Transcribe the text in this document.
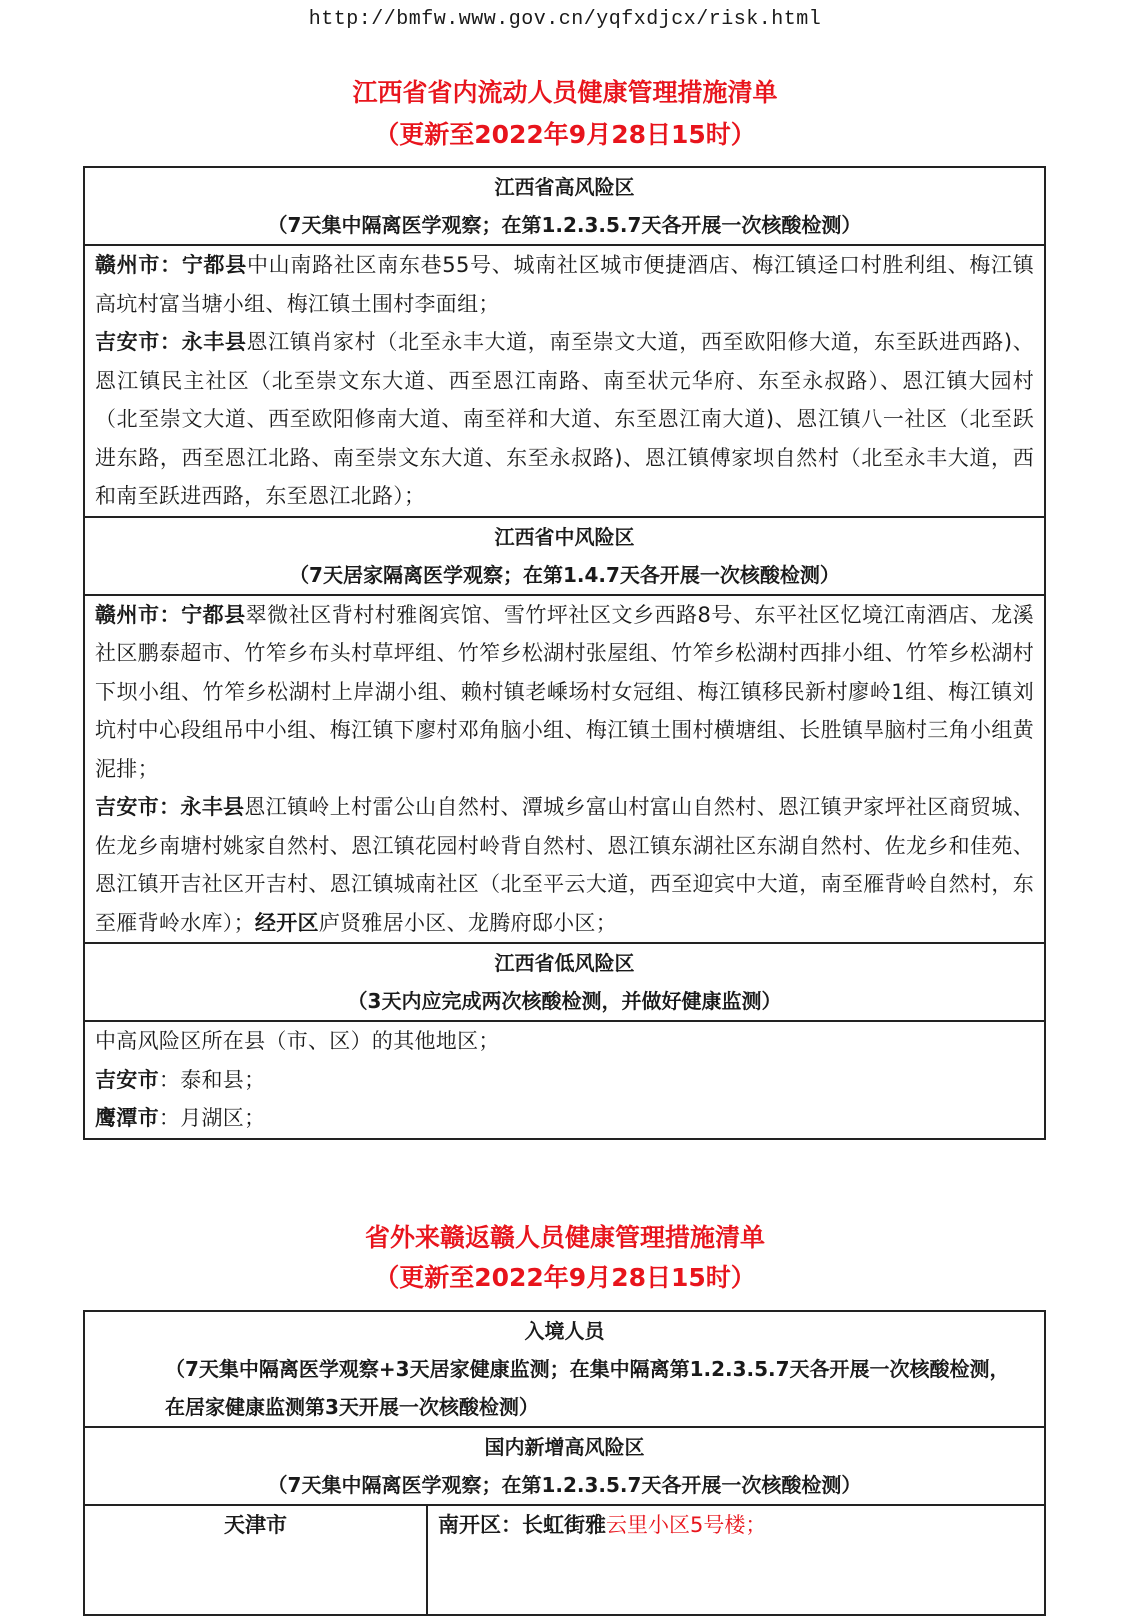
http://bmfw.www.gov.cn/yqfxdjcx/risk.html
江西省省内流动人员健康管理措施清单
（更新至2022年9月28日15时）
江西省高风险区
（7天集中隔离医学观察；在第1.2.3.5.7天各开展一次核酸检测）

赣州市：宁都县中山南路社区南东巷55号、城南社区城市便捷酒店、梅江镇迳口村胜利组、梅江镇高坑村富当塘小组、梅江镇土围村李面组；
吉安市：永丰县恩江镇肖家村（北至永丰大道，南至崇文大道，西至欧阳修大道，东至跃进西路)、恩江镇民主社区（北至崇文东大道、西至恩江南路、南至状元华府、东至永叔路）、恩江镇大园村（北至崇文大道、西至欧阳修南大道、南至祥和大道、东至恩江南大道)、恩江镇八一社区（北至跃进东路，西至恩江北路、南至崇文东大道、东至永叔路)、恩江镇傅家坝自然村（北至永丰大道，西和南至跃进西路，东至恩江北路）；

江西省中风险区
（7天居家隔离医学观察；在第1.4.7天各开展一次核酸检测）

赣州市：宁都县翠微社区背村村雅阁宾馆、雪竹坪社区文乡西路8号、东平社区忆境江南酒店、龙溪社区鹏泰超市、竹笮乡布头村草坪组、竹笮乡松湖村张屋组、竹笮乡松湖村西排小组、竹笮乡松湖村下坝小组、竹笮乡松湖村上岸湖小组、赖村镇老嵊场村女冠组、梅江镇移民新村廖岭1组、梅江镇刘坑村中心段组吊中小组、梅江镇下廖村邓角脑小组、梅江镇土围村横塘组、长胜镇旱脑村三角小组黄泥排；
吉安市：永丰县恩江镇岭上村雷公山自然村、潭城乡富山村富山自然村、恩江镇尹家坪社区商贸城、佐龙乡南塘村姚家自然村、恩江镇花园村岭背自然村、恩江镇东湖社区东湖自然村、佐龙乡和佳苑、恩江镇开吉社区开吉村、恩江镇城南社区（北至平云大道，西至迎宾中大道，南至雁背岭自然村，东至雁背岭水库）；经开区庐贤雅居小区、龙腾府邸小区；

江西省低风险区
（3天内应完成两次核酸检测，并做好健康监测）

中高风险区所在县（市、区）的其他地区；
吉安市：泰和县；
鹰潭市：月湖区；
省外来赣返赣人员健康管理措施清单
（更新至2022年9月28日15时）
入境人员
（7天集中隔离医学观察+3天居家健康监测；在集中隔离第1.2.3.5.7天各开展一次核酸检测，在居家健康监测第3天开展一次核酸检测）

国内新增高风险区
（7天集中隔离医学观察；在第1.2.3.5.7天各开展一次核酸检测）

天津市	南开区：长虹街雅云里小区5号楼；
